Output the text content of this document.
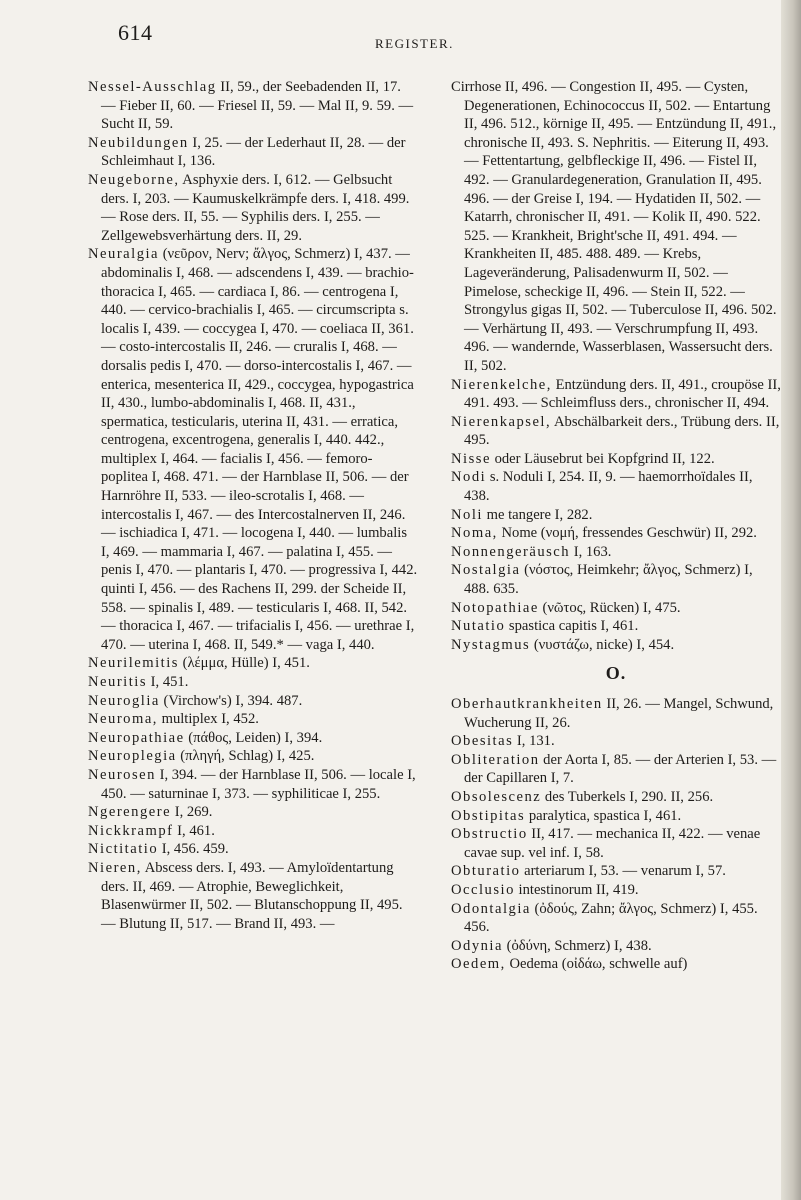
614	REGISTER.

Nessel-Ausschlag II, 59., der Seebadenden II, 17. — Fieber II, 60. — Friesel II, 59. — Mal II, 9. 59. — Sucht II, 59.

Neubildungen I, 25. — der Lederhaut II, 28. — der Schleimhaut I, 136.

Neugeborne, Asphyxie ders. I, 612. — Gelbsucht ders. I, 203. — Kaumuskelkrämpfe ders. I, 418. 499. — Rose ders. II, 55. — Syphilis ders. I, 255. — Zellgewebsverhärtung ders. II, 29.

Neuralgia (νεῦρον, Nerv; ἄλγος, Schmerz) I, 437. — abdominalis I, 468. — adscendens I, 439. — brachio-thoracica I, 465. — cardiaca I, 86. — centrogena I, 440. — cervico-brachialis I, 465. — circumscripta s. localis I, 439. — coccygea I, 470. — coeliaca II, 361. — costo-intercostalis II, 246. — cruralis I, 468. — dorsalis pedis I, 470. — dorso-intercostalis I, 467. — enterica, mesenterica II, 429., coccygea, hypogastrica II, 430., lumbo-abdominalis I, 468. II, 431., spermatica, testicularis, uterina II, 431. — erratica, centrogena, excentrogena, generalis I, 440. 442., multiplex I, 464. — facialis I, 456. — femoro-poplitea I, 468. 471. — der Harnblase II, 506. — der Harnröhre II, 533. — ileo-scrotalis I, 468. — intercostalis I, 467. — des Intercostalnerven II, 246. — ischiadica I, 471. — locogena I, 440. — lumbalis I, 469. — mammaria I, 467. — palatina I, 455. — penis I, 470. — plantaris I, 470. — progressiva I, 442. quinti I, 456. — des Rachens II, 299. der Scheide II, 558. — spinalis I, 489. — testicularis I, 468. II, 542. — thoracica I, 467. — trifacialis I, 456. — urethrae I, 470. — uterina I, 468. II, 549.* — vaga I, 440.

Neurilemitis (λέμμα, Hülle) I, 451.

Neuritis I, 451.

Neuroglia (Virchow's) I, 394. 487.

Neuroma, multiplex I, 452.

Neuropathiae (πάθος, Leiden) I, 394.

Neuroplegia (πληγή, Schlag) I, 425.

Neurosen I, 394. — der Harnblase II, 506. — locale I, 450. — saturninae I, 373. — syphiliticae I, 255.

Ngerengere I, 269.

Nickkrampf I, 461.

Nictitatio I, 456. 459.

Nieren, Abscess ders. I, 493. — Amyloïdentartung ders. II, 469. — Atrophie, Beweglichkeit, Blasenwürmer II, 502. — Blutanschoppung II, 495. — Blutung II, 517. — Brand II, 493. —

Cirrhose II, 496. — Congestion II, 495. — Cysten, Degenerationen, Echinococcus II, 502. — Entartung II, 496. 512., körnige II, 495. — Entzündung II, 491., chronische II, 493. S. Nephritis. — Eiterung II, 493. — Fettentartung, gelbfleckige II, 496. — Fistel II, 492. — Granulardegeneration, Granulation II, 495. 496. — der Greise I, 194. — Hydatiden II, 502. — Katarrh, chronischer II, 491. — Kolik II, 490. 522. 525. — Krankheit, Bright'sche II, 491. 494. — Krankheiten II, 485. 488. 489. — Krebs, Lageveränderung, Palisadenwurm II, 502. — Pimelose, scheckige II, 496. — Stein II, 522. — Strongylus gigas II, 502. — Tuberculose II, 496. 502. — Verhärtung II, 493. — Verschrumpfung II, 493. 496. — wandernde, Wasserblasen, Wassersucht ders. II, 502.

Nierenkelche, Entzündung ders. II, 491., croupöse II, 491. 493. — Schleimfluss ders., chronischer II, 494.

Nierenkapsel, Abschälbarkeit ders., Trübung ders. II, 495.

Nisse oder Läusebrut bei Kopfgrind II, 122.

Nodi s. Noduli I, 254. II, 9. — haemorrhoïdales II, 438.

Noli me tangere I, 282.

Noma, Nome (νομή, fressendes Geschwür) II, 292.

Nonnengeräusch I, 163.

Nostalgia (νόστος, Heimkehr; ἄλγος, Schmerz) I, 488. 635.

Notopathiae (νῶτος, Rücken) I, 475.

Nutatio spastica capitis I, 461.

Nystagmus (νυστάζω, nicke) I, 454.

O.

Oberhautkrankheiten II, 26. — Mangel, Schwund, Wucherung II, 26.

Obesitas I, 131.

Obliteration der Aorta I, 85. — der Arterien I, 53. — der Capillaren I, 7.

Obsolescenz des Tuberkels I, 290. II, 256.

Obstipitas paralytica, spastica I, 461.

Obstructio II, 417. — mechanica II, 422. — venae cavae sup. vel inf. I, 58.

Obturatio arteriarum I, 53. — venarum I, 57.

Occlusio intestinorum II, 419.

Odontalgia (ὀδούς, Zahn; ἄλγος, Schmerz) I, 455. 456.

Odynia (ὀδύνη, Schmerz) I, 438.

Oedem, Oedema (οἰδάω, schwelle auf)
